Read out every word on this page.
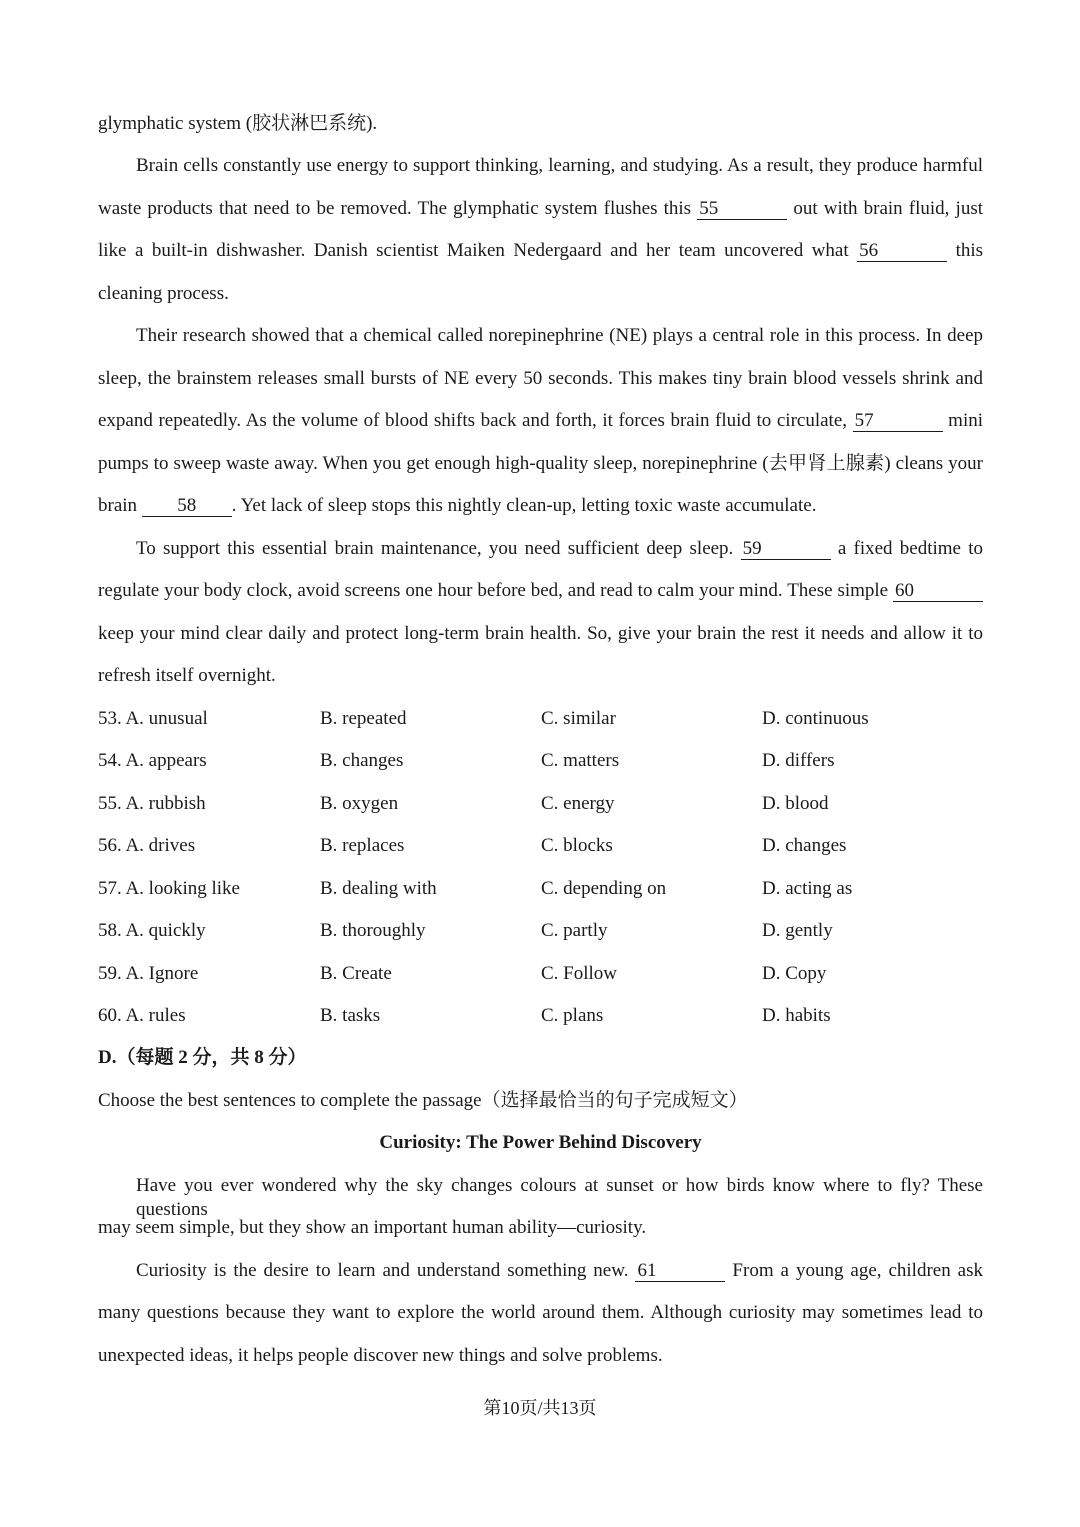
glymphatic system (胶状淋巴系统).
Brain cells constantly use energy to support thinking, learning, and studying. As a result, they produce harmful
waste products that need to be removed. The glymphatic system flushes this 55	out with brain fluid, just
like a built-in dishwasher. Danish scientist Maiken Nedergaard and her team uncovered what 56	this
cleaning process.
Their research showed that a chemical called norepinephrine (NE) plays a central role in this process. In deep
sleep, the brainstem releases small bursts of NE every 50 seconds. This makes tiny brain blood vessels shrink and
expand repeatedly. As the volume of blood shifts back and forth, it forces brain fluid to circulate, 57	mini
pumps to sweep waste away. When you get enough high-quality sleep, norepinephrine (去甲肾上腺素) cleans your
brain 58 . Yet lack of sleep stops this nightly clean-up, letting toxic waste accumulate.
To support this essential brain maintenance, you need sufficient deep sleep. 59	a fixed bedtime to
regulate your body clock, avoid screens one hour before bed, and read to calm your mind. These simple 60
keep your mind clear daily and protect long-term brain health. So, give your brain the rest it needs and allow it to
refresh itself overnight.
53. A. unusual	B. repeated	C. similar	D. continuous
54. A. appears	B. changes	C. matters	D. differs
55. A. rubbish	B. oxygen	C. energy	D. blood
56. A. drives	B. replaces	C. blocks	D. changes
57. A. looking like	B. dealing with	C. depending on	D. acting as
58. A. quickly	B. thoroughly	C. partly	D. gently
59. A. Ignore	B. Create	C. Follow	D. Copy
60. A. rules	B. tasks	C. plans	D. habits
D.（每题 2 分，共 8 分）
Choose the best sentences to complete the passage（选择最恰当的句子完成短文）
Curiosity: The Power Behind Discovery
Have you ever wondered why the sky changes colours at sunset or how birds know where to fly? These questions
may seem simple, but they show an important human ability—curiosity.
Curiosity is the desire to learn and understand something new. 61	From a young age, children ask
many questions because they want to explore the world around them. Although curiosity may sometimes lead to
unexpected ideas, it helps people discover new things and solve problems.
第10页/共13页
